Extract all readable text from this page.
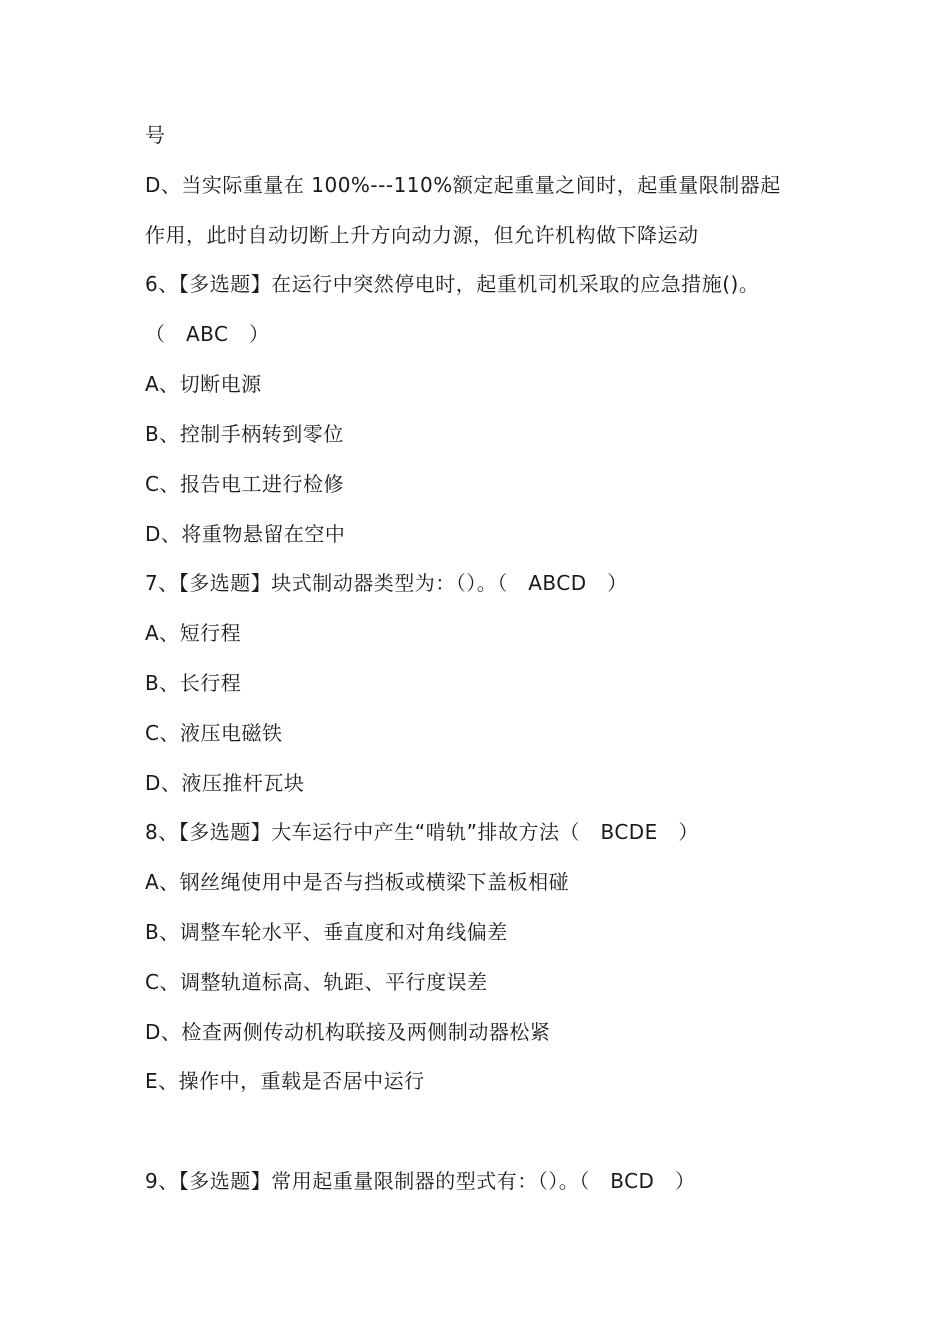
号
D、当实际重量在 100%---110%额定起重量之间时，起重量限制器起
作用，此时自动切断上升方向动力源，但允许机构做下降运动
6、【多选题】在运行中突然停电时，起重机司机采取的应急措施()。
（　ABC　）
A、切断电源
B、控制手柄转到零位
C、报告电工进行检修
D、将重物悬留在空中
7、【多选题】块式制动器类型为：（）。（　ABCD　）
A、短行程
B、长行程
C、液压电磁铁
D、液压推杆瓦块
8、【多选题】大车运行中产生“啃轨”排故方法（　BCDE　）
A、钢丝绳使用中是否与挡板或横梁下盖板相碰
B、调整车轮水平、垂直度和对角线偏差
C、调整轨道标高、轨距、平行度误差
D、检查两侧传动机构联接及两侧制动器松紧
E、操作中，重载是否居中运行
9、【多选题】常用起重量限制器的型式有：（）。（　BCD　）
